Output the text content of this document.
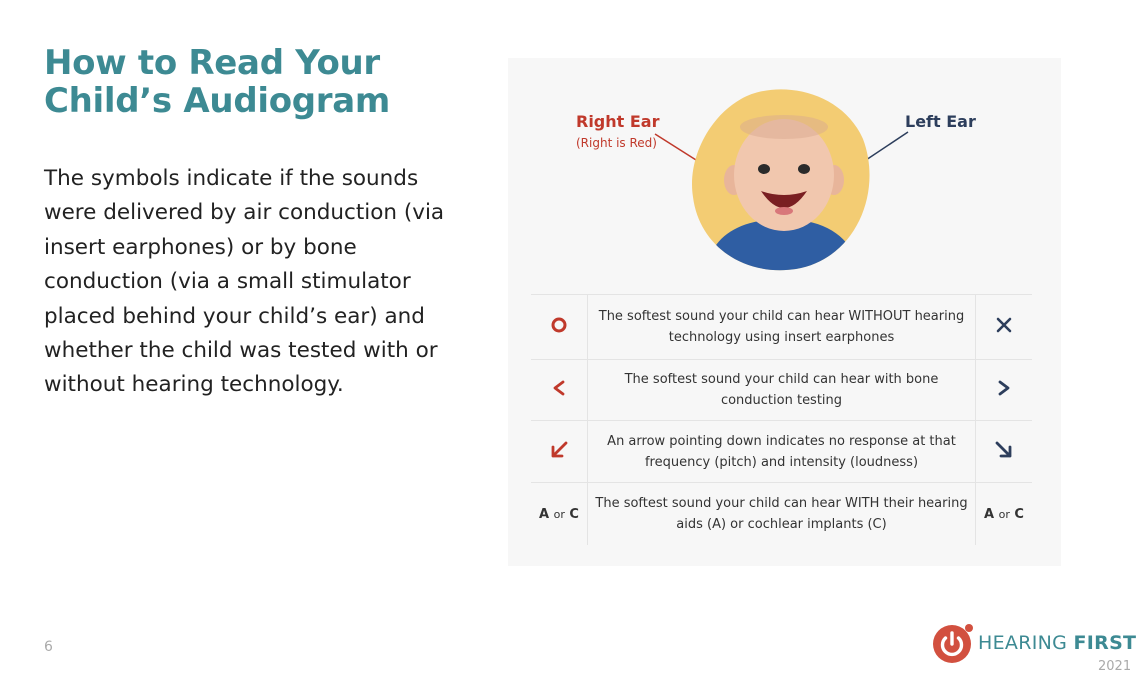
How to Read Your
Child’s Audiogram

The symbols indicate if the sounds were delivered by air conduction (via insert earphones) or by bone conduction (via a small stimulator placed behind your child’s ear) and whether the child was tested with or without hearing technology.

Right Ear
(Right is Red)
Left Ear
	The softest sound your child can hear WITHOUT hearing technology using insert earphones	
	The softest sound your child can hear with bone conduction testing	
	An arrow pointing down indicates no response at that frequency (pitch) and intensity (loudness)	
A or C	The softest sound your child can hear WITH their hearing aids (A) or cochlear implants (C)	A or C
6	HEARING FIRST
2021
